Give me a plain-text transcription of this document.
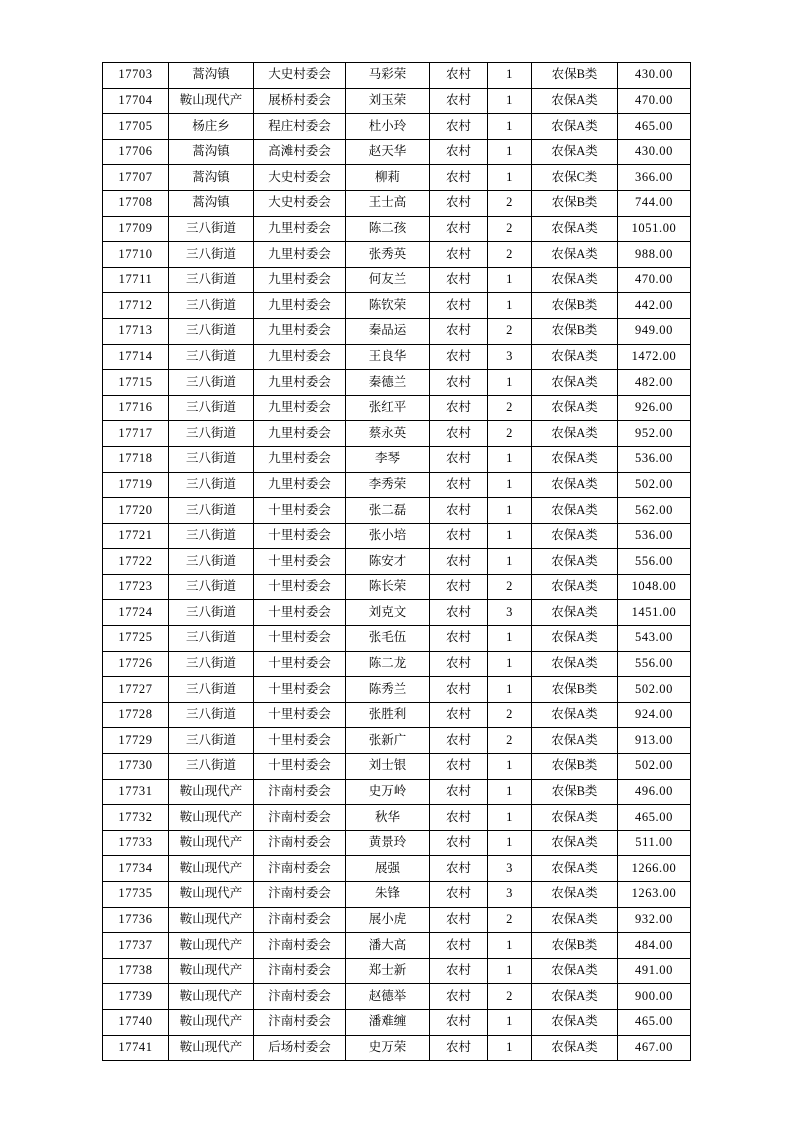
17703	蒿沟镇	大史村委会	马彩荣	农村	1	农保B类	430.00
17704	鞍山现代产	展桥村委会	刘玉荣	农村	1	农保A类	470.00
17705	杨庄乡	程庄村委会	杜小玲	农村	1	农保A类	465.00
17706	蒿沟镇	高滩村委会	赵天华	农村	1	农保A类	430.00
17707	蒿沟镇	大史村委会	柳莉	农村	1	农保C类	366.00
17708	蒿沟镇	大史村委会	王士高	农村	2	农保B类	744.00
17709	三八街道	九里村委会	陈二孩	农村	2	农保A类	1051.00
17710	三八街道	九里村委会	张秀英	农村	2	农保A类	988.00
17711	三八街道	九里村委会	何友兰	农村	1	农保A类	470.00
17712	三八街道	九里村委会	陈钦荣	农村	1	农保B类	442.00
17713	三八街道	九里村委会	秦品运	农村	2	农保B类	949.00
17714	三八街道	九里村委会	王良华	农村	3	农保A类	1472.00
17715	三八街道	九里村委会	秦德兰	农村	1	农保A类	482.00
17716	三八街道	九里村委会	张红平	农村	2	农保A类	926.00
17717	三八街道	九里村委会	蔡永英	农村	2	农保A类	952.00
17718	三八街道	九里村委会	李琴	农村	1	农保A类	536.00
17719	三八街道	九里村委会	李秀荣	农村	1	农保A类	502.00
17720	三八街道	十里村委会	张二磊	农村	1	农保A类	562.00
17721	三八街道	十里村委会	张小培	农村	1	农保A类	536.00
17722	三八街道	十里村委会	陈安才	农村	1	农保A类	556.00
17723	三八街道	十里村委会	陈长荣	农村	2	农保A类	1048.00
17724	三八街道	十里村委会	刘克文	农村	3	农保A类	1451.00
17725	三八街道	十里村委会	张毛伍	农村	1	农保A类	543.00
17726	三八街道	十里村委会	陈二龙	农村	1	农保A类	556.00
17727	三八街道	十里村委会	陈秀兰	农村	1	农保B类	502.00
17728	三八街道	十里村委会	张胜利	农村	2	农保A类	924.00
17729	三八街道	十里村委会	张新广	农村	2	农保A类	913.00
17730	三八街道	十里村委会	刘士银	农村	1	农保B类	502.00
17731	鞍山现代产	汴南村委会	史万岭	农村	1	农保B类	496.00
17732	鞍山现代产	汴南村委会	秋华	农村	1	农保A类	465.00
17733	鞍山现代产	汴南村委会	黄景玲	农村	1	农保A类	511.00
17734	鞍山现代产	汴南村委会	展强	农村	3	农保A类	1266.00
17735	鞍山现代产	汴南村委会	朱锋	农村	3	农保A类	1263.00
17736	鞍山现代产	汴南村委会	展小虎	农村	2	农保A类	932.00
17737	鞍山现代产	汴南村委会	潘大高	农村	1	农保B类	484.00
17738	鞍山现代产	汴南村委会	郑士新	农村	1	农保A类	491.00
17739	鞍山现代产	汴南村委会	赵德举	农村	2	农保A类	900.00
17740	鞍山现代产	汴南村委会	潘难缠	农村	1	农保A类	465.00
17741	鞍山现代产	后场村委会	史万荣	农村	1	农保A类	467.00
